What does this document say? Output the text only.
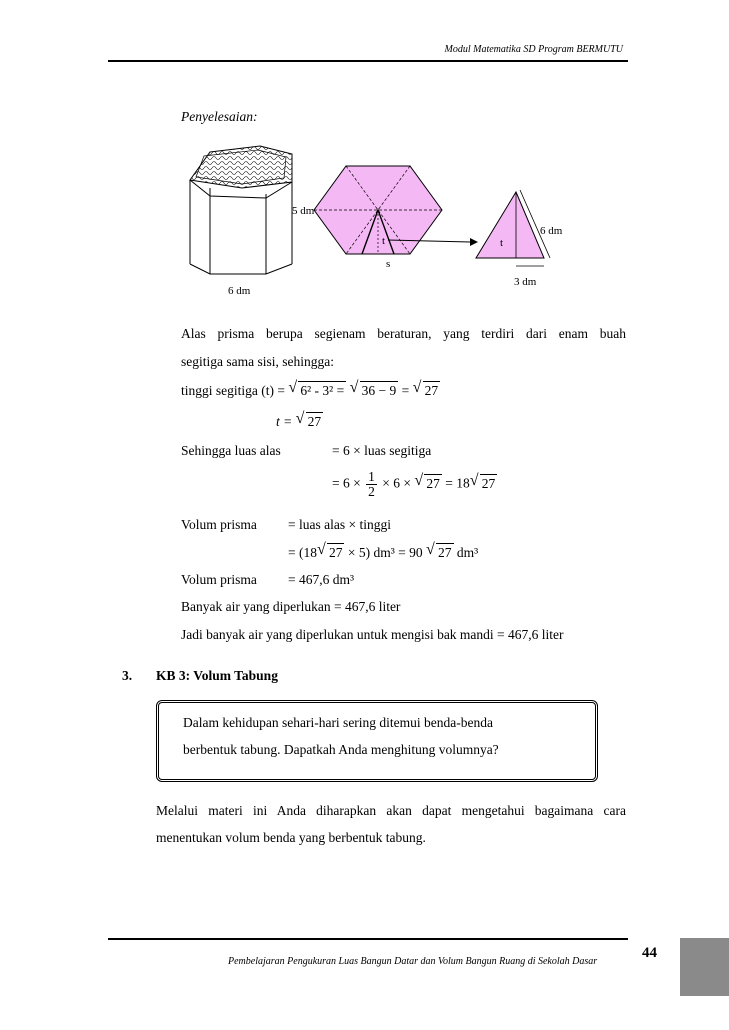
Modul Matematika SD Program BERMUTU
Penyelesaian:
5 dm
6 dm
t
s
t
6 dm
3 dm
Alas prisma berupa segienam beraturan, yang terdiri dari enam buah
segitiga sama sisi, sehingga:
tinggi segitiga (t) = √ 6² - 3² = √ 36 − 9 = √ 27
t = √ 27
Sehingga luas alas	= 6 × luas segitiga
= $6 \times \frac{1}{2} \times 6$ × √ 27 = 18 √ 27
Volum prisma = luas alas × tinggi
= (18 √ 27 × 5) dm³ = 90 √ 27 dm³
Volum prisma = 467,6 dm³
Banyak air yang diperlukan = 467,6 liter
Jadi banyak air yang diperlukan untuk mengisi bak mandi = 467,6 liter
3. KB 3: Volum Tabung
Dalam kehidupan sehari-hari sering ditemui benda-benda
berbentuk tabung. Dapatkah Anda menghitung volumnya?
Melalui materi ini Anda diharapkan akan dapat mengetahui bagaimana cara
menentukan volum benda yang berbentuk tabung.
Pembelajaran Pengukuran Luas Bangun Datar dan Volum Bangun Ruang di Sekolah Dasar
44
